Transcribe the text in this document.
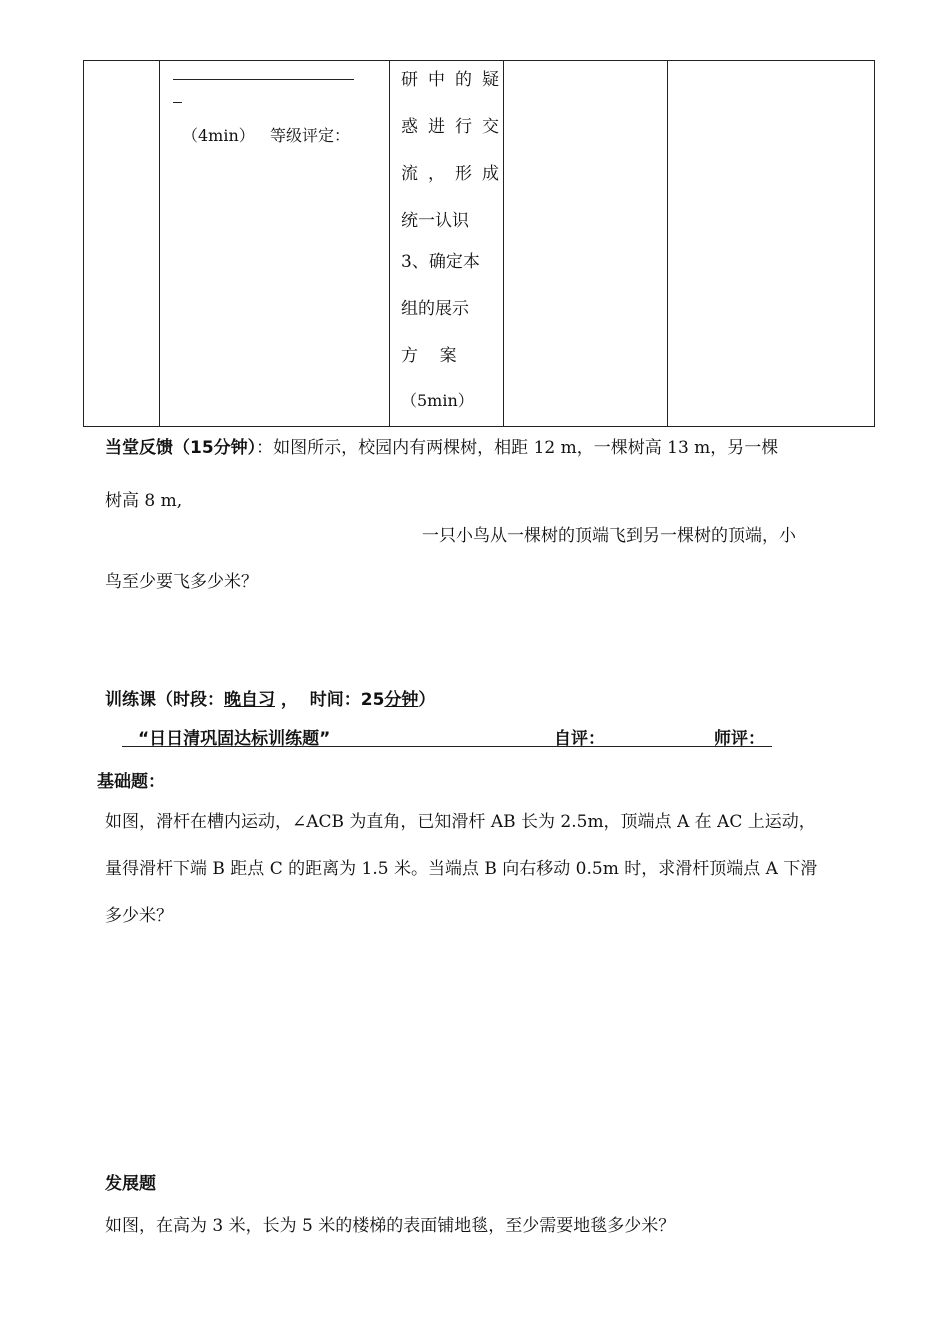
（4min）   等级评定：
研 中 的 疑
惑 进 行 交
流 ， 形 成
统一认识
3、确定本
组的展示
方    案
（5min）
当堂反馈（15分钟）：如图所示，校园内有两棵树，相距 12 m，一棵树高 13 m，另一棵
树高 8 m,
一只小鸟从一棵树的顶端飞到另一棵树的顶端，小
鸟至少要飞多少米？
训练课（时段：晚自习 ，  时间：25分钟）
“日日清巩固达标训练题”	自评：	师评：
基础题：
如图，滑杆在槽内运动，∠ACB 为直角，已知滑杆 AB 长为 2.5m，顶端点 A 在 AC 上运动，
量得滑杆下端 B 距点 C 的距离为 1.5 米。当端点 B 向右移动 0.5m 时，求滑杆顶端点 A 下滑
多少米？
发展题
如图，在高为 3 米，长为 5 米的楼梯的表面铺地毯，至少需要地毯多少米？
